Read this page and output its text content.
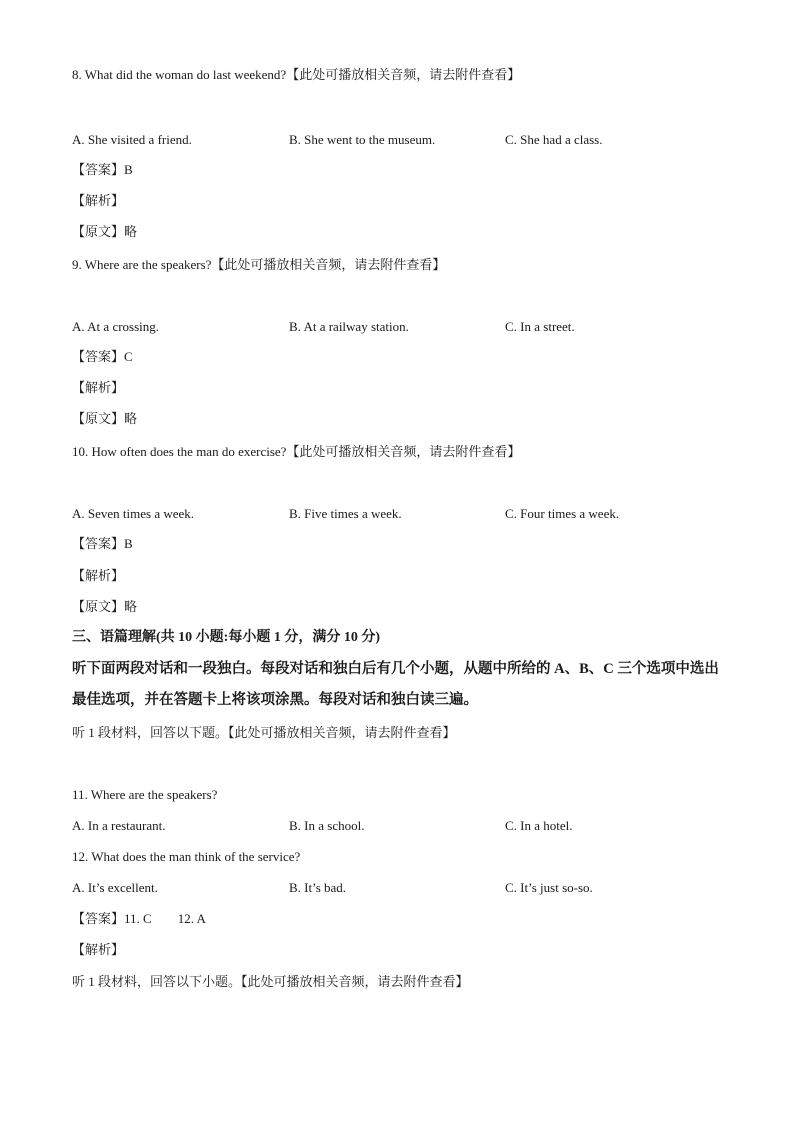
8. What did the woman do last weekend?【此处可播放相关音频，请去附件查看】
A. She visited a friend.	B. She went to the museum.	C. She had a class.
【答案】B
【解析】
【原文】略
9. Where are the speakers?【此处可播放相关音频，请去附件查看】
A. At a crossing.	B. At a railway station.	C. In a street.
【答案】C
【解析】
【原文】略
10. How often does the man do exercise?【此处可播放相关音频，请去附件查看】
A. Seven times a week.	B. Five times a week.	C. Four times a week.
【答案】B
【解析】
【原文】略
三、语篇理解(共 10 小题:每小题 1 分，满分 10 分)
听下面两段对话和一段独白。每段对话和独白后有几个小题，从题中所给的 A、B、C 三个选项中选出最佳选项，并在答题卡上将该项涂黑。每段对话和独白读三遍。
听 1 段材料，回答以下题。【此处可播放相关音频，请去附件查看】
11. Where are the speakers?
A. In a restaurant.	B. In a school.	C. In a hotel.
12. What does the man think of the service?
A. It’s excellent.	B. It’s bad.	C. It’s just so-so.
【答案】11. C 12. A
【解析】
听 1 段材料，回答以下小题。【此处可播放相关音频，请去附件查看】
